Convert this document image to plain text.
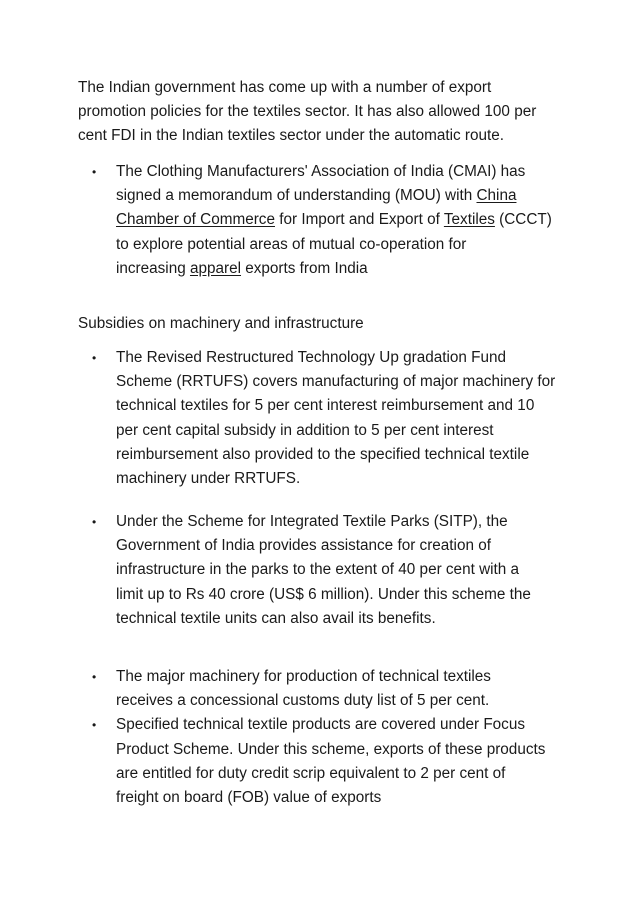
The Indian government has come up with a number of export
promotion policies for the textiles sector. It has also allowed 100 per
cent FDI in the Indian textiles sector under the automatic route.

• The Clothing Manufacturers' Association of India (CMAI) has
signed a memorandum of understanding (MOU) with China
Chamber of Commerce for Import and Export of Textiles (CCCT)
to explore potential areas of mutual co-operation for
increasing apparel exports from India

Subsidies on machinery and infrastructure

• The Revised Restructured Technology Up gradation Fund
Scheme (RRTUFS) covers manufacturing of major machinery for
technical textiles for 5 per cent interest reimbursement and 10
per cent capital subsidy in addition to 5 per cent interest
reimbursement also provided to the specified technical textile
machinery under RRTUFS.
• Under the Scheme for Integrated Textile Parks (SITP), the
Government of India provides assistance for creation of
infrastructure in the parks to the extent of 40 per cent with a
limit up to Rs 40 crore (US$ 6 million). Under this scheme the
technical textile units can also avail its benefits.
• The major machinery for production of technical textiles
receives a concessional customs duty list of 5 per cent.
• Specified technical textile products are covered under Focus
Product Scheme. Under this scheme, exports of these products
are entitled for duty credit scrip equivalent to 2 per cent of
freight on board (FOB) value of exports
